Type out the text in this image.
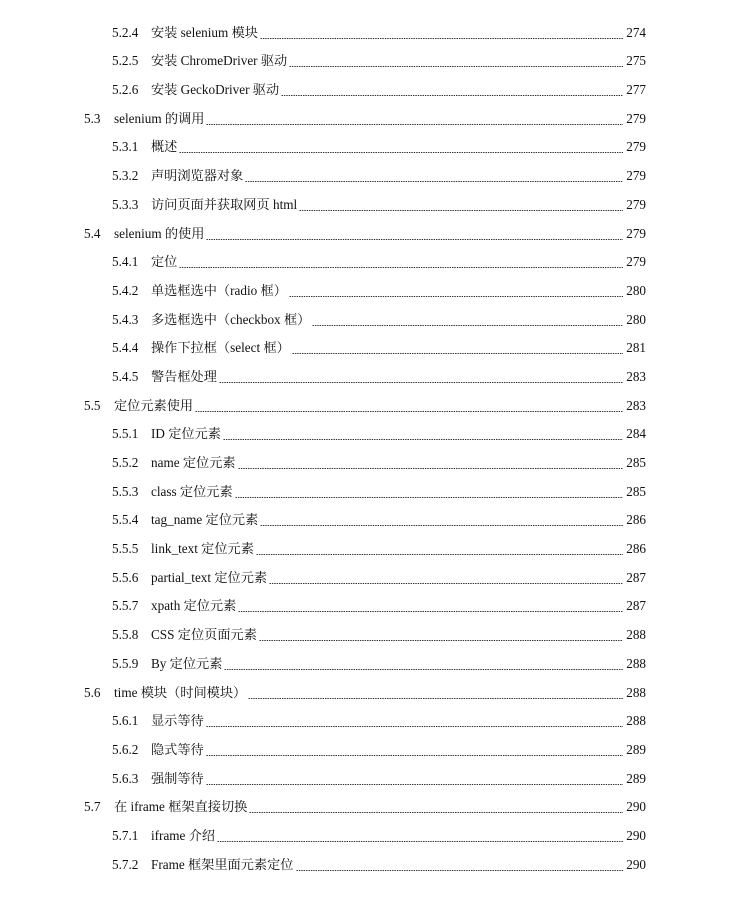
5.2.4 安装 selenium 模块	274
5.2.5 安装 ChromeDriver 驱动	275
5.2.6 安装 GeckoDriver 驱动	277
5.3	selenium 的调用	279
5.3.1 概述	279
5.3.2 声明浏览器对象	279
5.3.3 访问页面并获取网页 html	279
5.4	selenium 的使用	279
5.4.1 定位	279
5.4.2 单选框选中（radio 框）	280
5.4.3 多选框选中（checkbox 框）	280
5.4.4 操作下拉框（select 框）	281
5.4.5 警告框处理	283
5.5	定位元素使用	283
5.5.1 ID 定位元素	284
5.5.2 name 定位元素	285
5.5.3 class 定位元素	285
5.5.4 tag_name 定位元素	286
5.5.5 link_text 定位元素	286
5.5.6 partial_text 定位元素	287
5.5.7 xpath 定位元素	287
5.5.8 CSS 定位页面元素	288
5.5.9 By 定位元素	288
5.6	time 模块（时间模块）	288
5.6.1 显示等待	288
5.6.2 隐式等待	289
5.6.3 强制等待	289
5.7	在 iframe 框架直接切换	290
5.7.1 iframe 介绍	290
5.7.2 Frame 框架里面元素定位	290
